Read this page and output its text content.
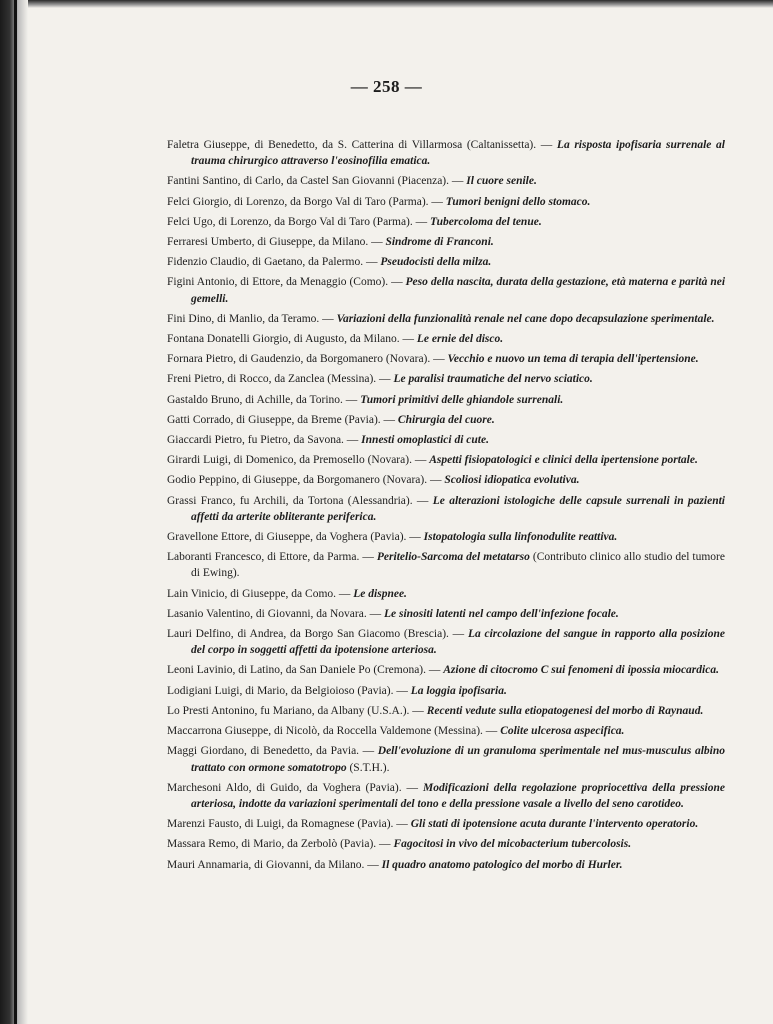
— 258 —

Faletra Giuseppe, di Benedetto, da S. Catterina di Villarmosa (Caltanissetta). — La risposta ipofisaria surrenale al trauma chirurgico attraverso l'eosinofilia ematica.

Fantini Santino, di Carlo, da Castel San Giovanni (Piacenza). — Il cuore senile.

Felci Giorgio, di Lorenzo, da Borgo Val di Taro (Parma). — Tumori benigni dello stomaco.

Felci Ugo, di Lorenzo, da Borgo Val di Taro (Parma). — Tubercoloma del tenue.

Ferraresi Umberto, di Giuseppe, da Milano. — Sindrome di Franconi.

Fidenzio Claudio, di Gaetano, da Palermo. — Pseudocisti della milza.

Figini Antonio, di Ettore, da Menaggio (Como). — Peso della nascita, durata della gestazione, età materna e parità nei gemelli.

Fini Dino, di Manlio, da Teramo. — Variazioni della funzionalità renale nel cane dopo decapsulazione sperimentale.

Fontana Donatelli Giorgio, di Augusto, da Milano. — Le ernie del disco.

Fornara Pietro, di Gaudenzio, da Borgomanero (Novara). — Vecchio e nuovo un tema di terapia dell'ipertensione.

Freni Pietro, di Rocco, da Zanclea (Messina). — Le paralisi traumatiche del nervo sciatico.

Gastaldo Bruno, di Achille, da Torino. — Tumori primitivi delle ghiandole surrenali.

Gatti Corrado, di Giuseppe, da Breme (Pavia). — Chirurgia del cuore.

Giaccardi Pietro, fu Pietro, da Savona. — Innesti omoplastici di cute.

Girardi Luigi, di Domenico, da Premosello (Novara). — Aspetti fisiopatologici e clinici della ipertensione portale.

Godio Peppino, di Giuseppe, da Borgomanero (Novara). — Scoliosi idiopatica evolutiva.

Grassi Franco, fu Archili, da Tortona (Alessandria). — Le alterazioni istologiche delle capsule surrenali in pazienti affetti da arterite obliterante periferica.

Gravellone Ettore, di Giuseppe, da Voghera (Pavia). — Istopatologia sulla linfonodulite reattiva.

Laboranti Francesco, di Ettore, da Parma. — Peritelio-Sarcoma del metatarso (Contributo clinico allo studio del tumore di Ewing).

Lain Vinicio, di Giuseppe, da Como. — Le dispnee.

Lasanio Valentino, di Giovanni, da Novara. — Le sinositi latenti nel campo dell'infezione focale.

Lauri Delfino, di Andrea, da Borgo San Giacomo (Brescia). — La circolazione del sangue in rapporto alla posizione del corpo in soggetti affetti da ipotensione arteriosa.

Leoni Lavinio, di Latino, da San Daniele Po (Cremona). — Azione di citocromo C sui fenomeni di ipossia miocardica.

Lodigiani Luigi, di Mario, da Belgioioso (Pavia). — La loggia ipofisaria.

Lo Presti Antonino, fu Mariano, da Albany (U.S.A.). — Recenti vedute sulla etiopatogenesi del morbo di Raynaud.

Maccarrona Giuseppe, di Nicolò, da Roccella Valdemone (Messina). — Colite ulcerosa aspecifica.

Maggi Giordano, di Benedetto, da Pavia. — Dell'evoluzione di un granuloma sperimentale nel mus-musculus albino trattato con ormone somatotropo (S.T.H.).

Marchesoni Aldo, di Guido, da Voghera (Pavia). — Modificazioni della regolazione propriocettiva della pressione arteriosa, indotte da variazioni sperimentali del tono e della pressione vasale a livello del seno carotideo.

Marenzi Fausto, di Luigi, da Romagnese (Pavia). — Gli stati di ipotensione acuta durante l'intervento operatorio.

Massara Remo, di Mario, da Zerbolò (Pavia). — Fagocitosi in vivo del micobacterium tubercolosis.

Mauri Annamaria, di Giovanni, da Milano. — Il quadro anatomo patologico del morbo di Hurler.
